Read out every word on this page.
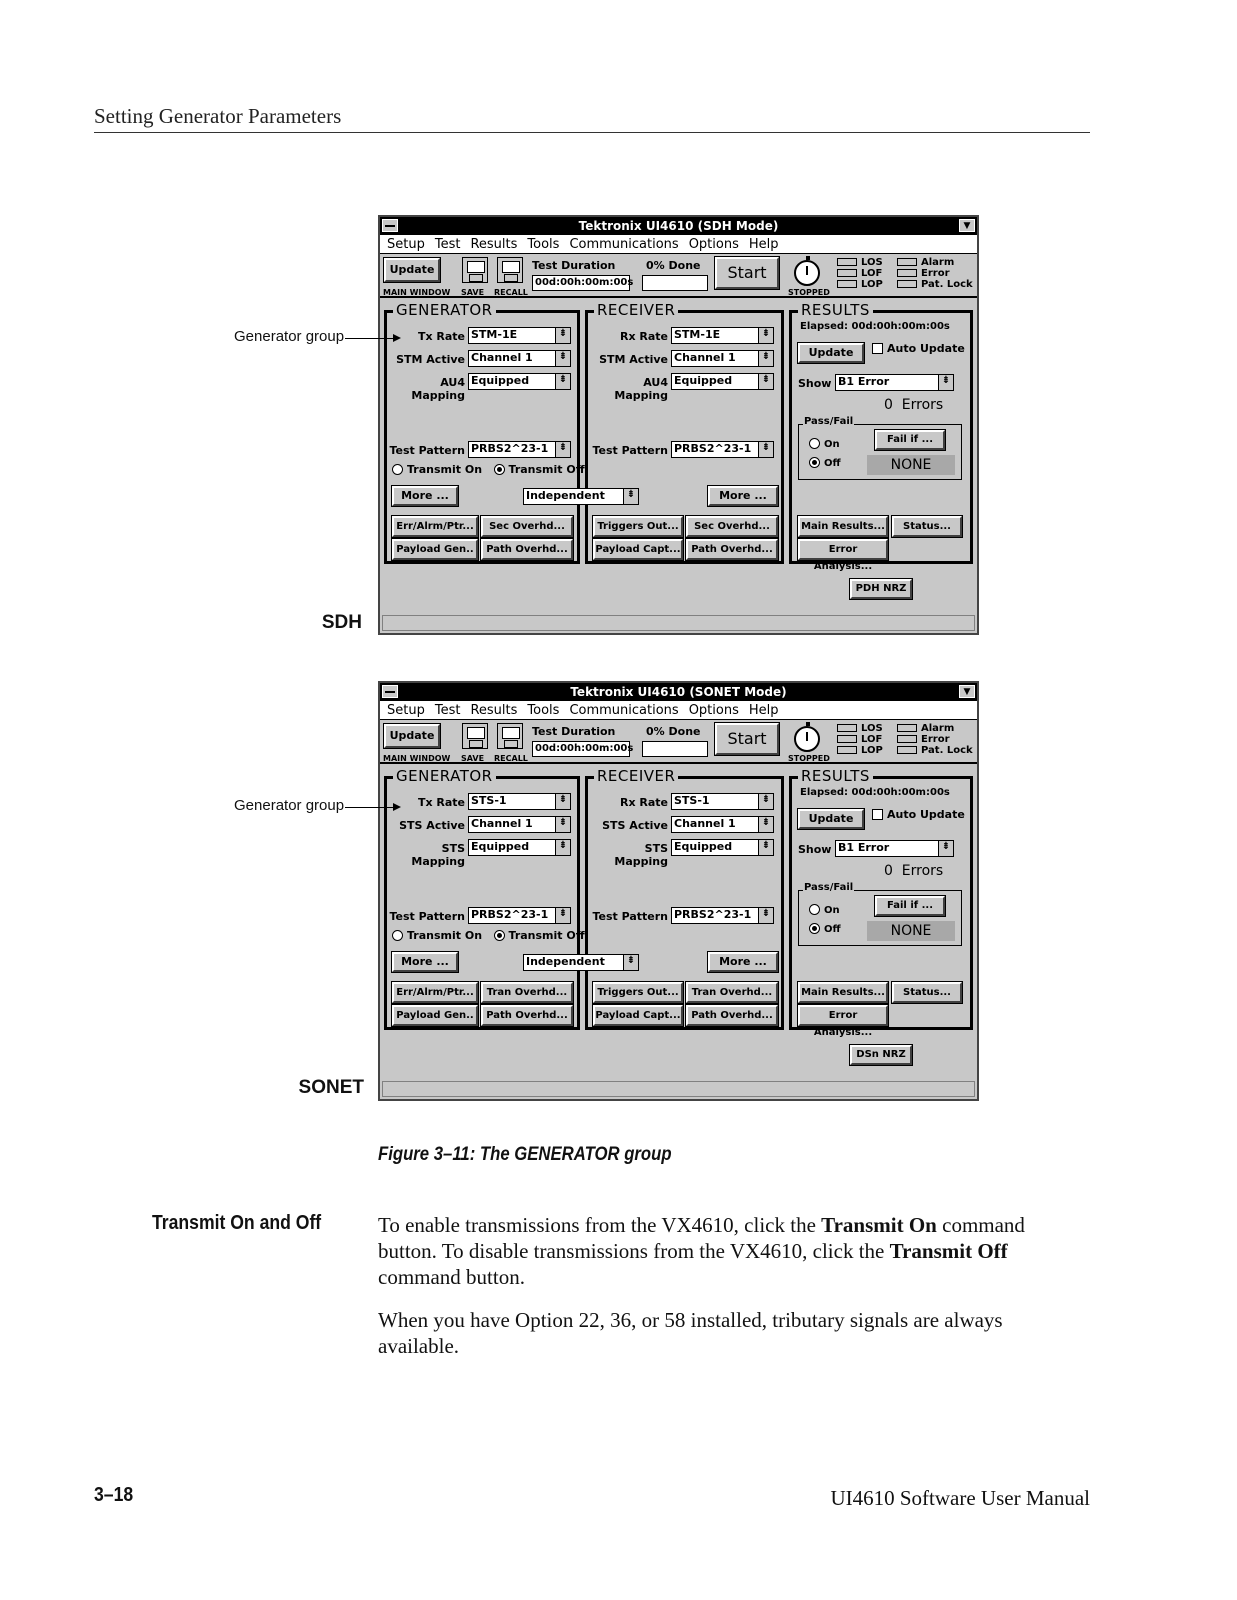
Setting Generator Parameters
Tektronix UI4610 (SDH Mode)	▼
Setup Test Results Tools Communications Options Help
Update
MAIN WINDOW SAVE RECALL
Test Duration
00d:00h:00m:00s
0% Done	Start
STOPPED
LOS
LOF
LOP
Alarm
Error
Pat. Lock
GENERATOR
Tx Rate STM-1E	⇟
STM Active Channel 1	⇟
AU4 Mapping
Equipped	⇟
Test Pattern PRBS2^23-1	⇟
Transmit On Transmit Off
More ...
Err/Alrm/Ptr...	Sec Overhd...
Payload Gen..	Path Overhd...
Independent	⇟
RECEIVER
Rx Rate STM-1E	⇟
STM Active Channel 1	⇟
AU4 Mapping
Equipped	⇟
Test Pattern PRBS2^23-1	⇟
More ...
Triggers Out...	Sec Overhd...
Payload Capt...	Path Overhd...
RESULTS
Elapsed: 00d:00h:00m:00s
Update	Auto Update
Show B1 Error	⇟
0  Errors
Pass/Fail
On
Off
Fail if ...
NONE
Main Results...	Status...
Error Analysis...
PDH NRZ
Tektronix UI4610 (SONET Mode)	▼
Setup Test Results Tools Communications Options Help
Update
MAIN WINDOW SAVE RECALL
Test Duration
00d:00h:00m:00s
0% Done	Start
STOPPED
LOS
LOF
LOP
Alarm
Error
Pat. Lock
GENERATOR
Tx Rate STS-1	⇟
STS Active Channel 1	⇟
STS Mapping
Equipped	⇟
Test Pattern PRBS2^23-1	⇟
Transmit On Transmit Off
More ...
Err/Alrm/Ptr...	Tran Overhd...
Payload Gen..	Path Overhd...
Independent	⇟
RECEIVER
Rx Rate STS-1	⇟
STS Active Channel 1	⇟
STS Mapping
Equipped	⇟
Test Pattern PRBS2^23-1	⇟
More ...
Triggers Out...	Tran Overhd...
Payload Capt...	Path Overhd...
RESULTS
Elapsed: 00d:00h:00m:00s
Update	Auto Update
Show B1 Error	⇟
0  Errors
Pass/Fail
On
Off
Fail if ...
NONE
Main Results...	Status...
Error Analysis...
DSn NRZ
Generator group
Generator group
SDH
SONET
Figure 3–11: The GENERATOR group
Transmit On and Off	To enable transmissions from the VX4610, click the Transmit On command button. To disable transmissions from the VX4610, click the Transmit Off command button.
When you have Option 22, 36, or 58 installed, tributary signals are always available.
3–18	UI4610 Software User Manual
